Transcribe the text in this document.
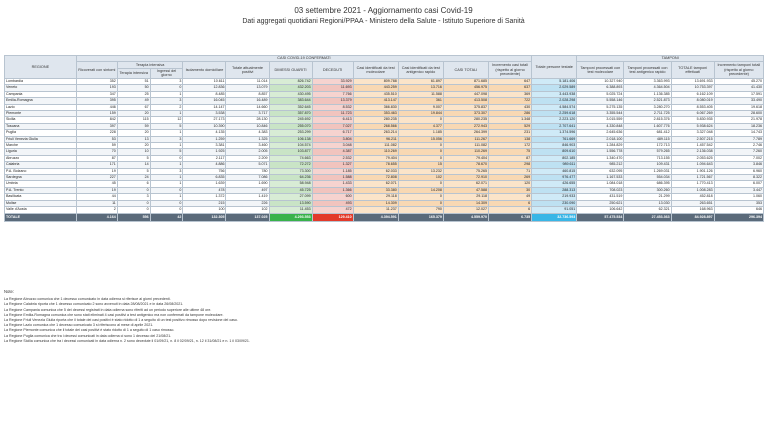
03 settembre 2021 - Aggiornamento casi Covid-19
Dati aggregati quotidiani Regioni/PPAA - Ministero della Salute - Istituto Superiore di Sanità
REGIONE	CASI COVID-19 CONFERMATI											Totale persone testate	TAMPONI			
	Ricoverati con sintomi	Terapia intensiva		Isolamento domiciliare	Totale attualmente positivi	DIMESSI GUARITI	DECEDUTI	Casi identificati da test molecolare	Casi identificati da test antigenico rapido	CASI TOTALI	Incremento casi totali (rispetto al giorno precedente)		Tamponi processati con test molecolare	Tamponi processati con test antigenico rapido	TOTALE tamponi effettuati	Incremento tamponi totali (rispetto al giorno precedente)
		Terapia intensiva	Ingressi del giorno													
Lombardia	352	51	3	10.611	11.014	826.742	33.929	809.788	61.897	871.685	647	5.181.406	10.327.940	3.363.993	13.691.933	45.270
Veneto	193	50	0	12.836	13.079	432.203	11.693	443.259	13.716	456.975	637	2.029.589	6.388.893	4.364.504	10.753.397	41.430
Campania	347	25	1	8.485	8.857	430.495	7.766	435.510	11.588	447.098	369	3.443.938	5.025.724	1.136.385	6.162.109	17.591
Emilia-Romagna	395	49	3	16.045	16.489	383.644	13.379	413.147	361	413.508	722	2.028.298	5.558.146	2.521.873	8.080.019	33.490
Lazio	446	67	2	14.147	14.660	352.645	8.532	366.830	9.007	375.837	430	4.584.574	5.275.135	3.280.270	8.553.405	19.618
Piemonte	159	20	1	3.538	3.717	357.870	11.723	353.463	19.844	373.307	286	2.259.618	3.355.544	2.711.725	6.067.269	28.600
Sicilia	842	115	12	27.173	28.130	245.692	6.413	280.235	0	280.235	1.348	2.223.120	3.015.559	2.815.376	5.830.935	21.978
Toscana	397	59	5	10.390	10.846	255.070	7.027	268.566	4.377	272.943	529	2.707.641	4.330.848	1.607.776	5.938.624	18.236
Puglia	228	20	1	4.135	4.383	253.299	6.717	263.214	1.185	264.399	231	1.374.596	2.645.636	681.412	3.327.048	14.743
Friuli Venezia Giulia	53	13	3	1.259	1.325	106.138	3.804	96.211	15.056	111.267	138	761.669	2.018.100	489.115	2.507.215	7.789
Marche	59	20	1	3.381	3.460	104.574	3.048	111.082	0	111.082	172	846.903	1.284.829	172.713	1.457.542	2.746
Liguria	70	10	5	1.925	2.005	103.877	4.387	110.269	0	110.269	75	809.610	1.556.778	579.265	2.136.038	7.260
Abruzzo	87	5	0	2.117	2.209	74.663	2.532	79.404	0	79.404	87	802.185	1.340.470	713.155	2.053.625	7.002
Calabria	171	14	1	4.886	5.071	72.272	1.327	78.655	15	78.670	298	989.611	985.212	109.431	1.094.643	3.846
P.A. Bolzano	19	5	3	756	780	73.300	1.185	62.033	13.232	75.265	71	460.815	632.095	1.269.031	1.901.126	6.960
Sardegna	227	24	1	6.835	7.086	64.236	1.588	72.808	102	72.910	269	976.477	1.167.533	554.034	1.721.567	8.322
Umbria	45	6	1	1.639	1.690	58.948	1.433	62.071	0	62.071	120	426.655	1.084.018	686.395	1.770.413	6.007
P.A. Trento	19	0	0	478	497	45.725	1.366	33.380	14.208	47.588	30	288.313	708.023	300.260	1.008.283	3.447
Basilicata	44	3	1	1.372	1.419	27.099	600	29.118	0	29.118	49	219.933	431.519	21.299	452.818	1.060
Molise	11	0	0	215	226	13.590	493	14.309	0	14.309	6	230.090	250.621	13.030	263.651	353
Valle d'Aosta	2	0	0	100	102	11.453	472	11.237	790	12.027	6	91.051	106.642	62.321	168.963	646
TOTALE	4.164	556	42	132.305	137.025	4.293.553	129.410	4.394.591	165.379	4.559.970	6.735	32.736.593	57.475.534	27.453.363	84.928.897	296.394
Note:
La Regione Abruzzo comunica che 1 decesso comunicato in data odierna si riferisce ai giorni precedenti.
La Regione Calabria riporta che 1 decesso comunicato 2 sono avvenuti in data 28/08/2021 e in data 26/08/2021.
La Regione Campania comunica che 5 dei decessi registrati in data odierna sono riferiti ad un periodo superiore alle ultime 48 ore.
La Regione Emilia-Romagna comunica che sono stati eliminati 4 casi positivi a test antigenico ma non confermati da tampone molecolare.
La Regione Friuli Venezia Giulia riporta che il totale dei casi positivi è stato ridotto di 1 a seguito di un test positivo rimosso dopo revisione del caso.
La Regione Lazio comunica che 1 decesso comunicato 3 si riferiscono al mese di aprile 2021.
La Regione Piemonte comunica che il totale dei casi positivi è stato ridotto di 1 a seguito di 1 caso rimosso.
La Regione Puglia comunica che tra i decessi comunicati in data odierna ci sono 1 decesso del 21/08/21.
La Regione Sicilia comunica che tra i decessi comunicati in data odierna n. 2 sono decedute il 01/09/21, n. 8 il 02/09/21, n. 12 il 31/08/21 e n. 1 il 03/09/21.
